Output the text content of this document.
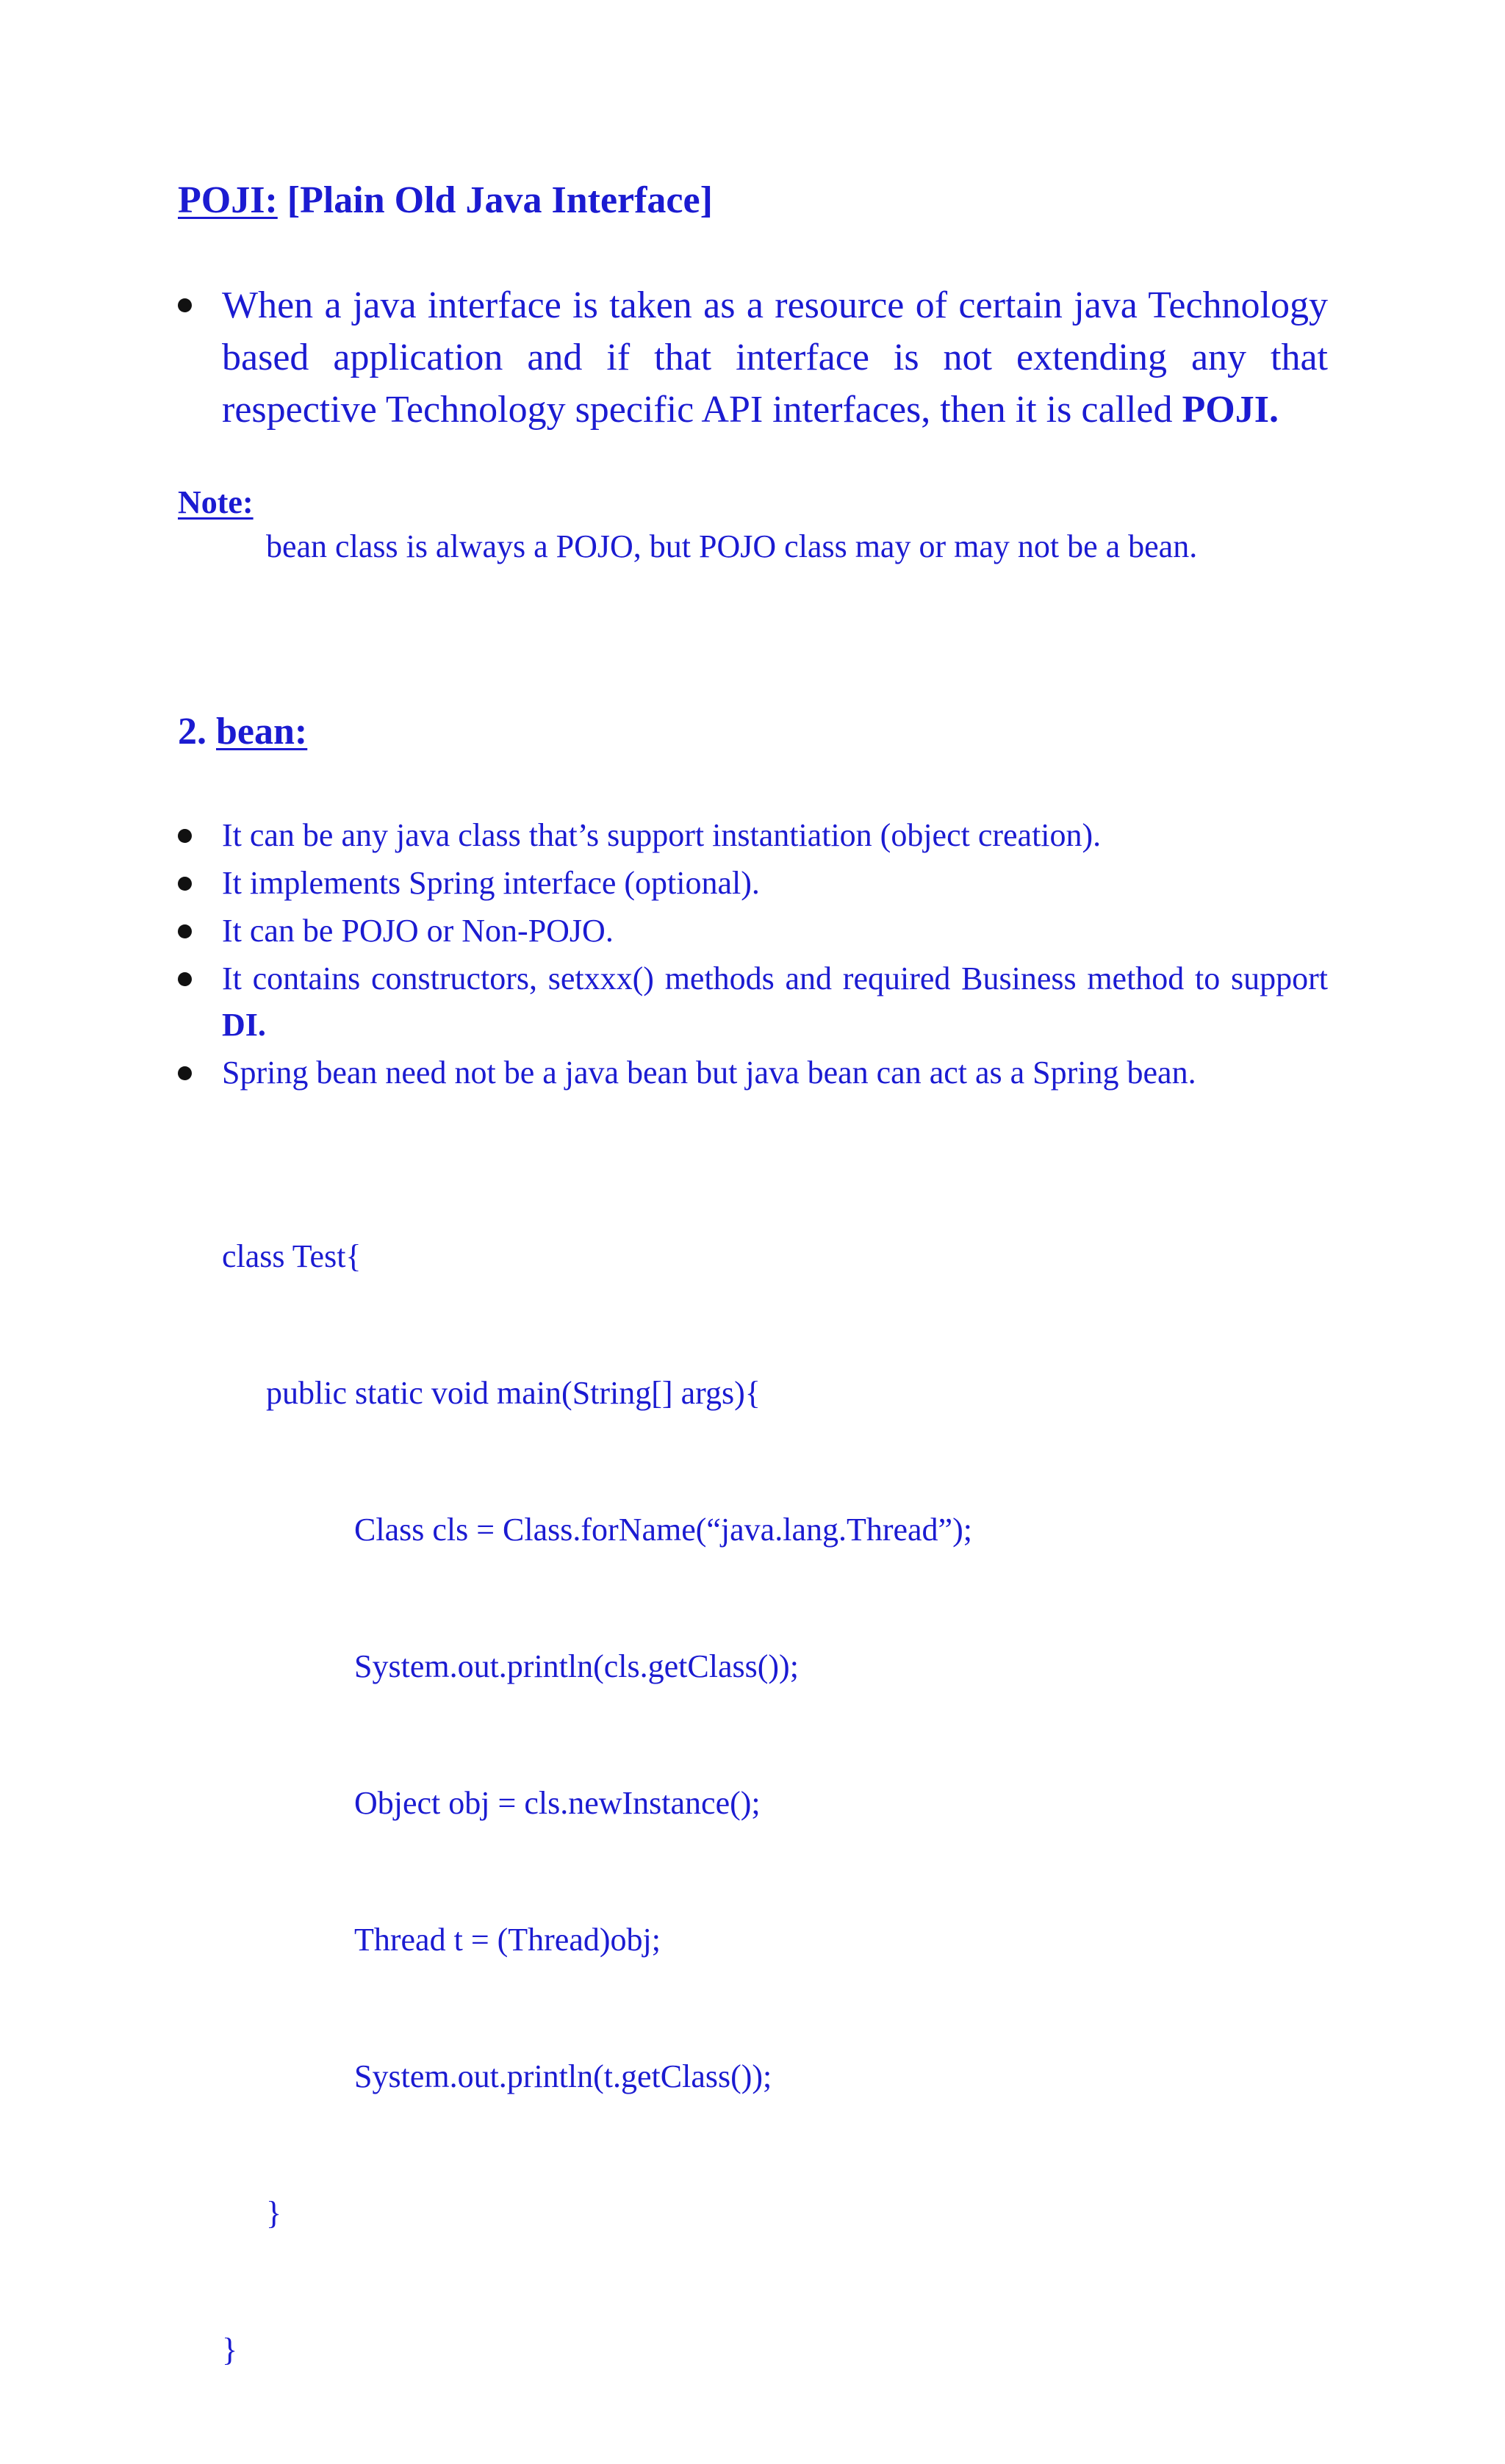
POJI: [Plain Old Java Interface]
When a java interface is taken as a resource of certain java Technology based application and if that interface is not extending any that respective Technology specific API interfaces, then it is called POJI.
Note:
bean class is always a POJO, but POJO class may or may not be a bean.
2. bean:
It can be any java class that’s support instantiation (object creation).
It implements Spring interface (optional).
It can be POJO or Non-POJO.
It contains constructors, setxxx() methods and required Business method to support DI.
Spring bean need not be a java bean but java bean can act as a Spring bean.

class Test{

public static void main(String[] args){

Class cls = Class.forName(“java.lang.Thread”);

System.out.println(cls.getClass());

Object obj = cls.newInstance();

Thread t = (Thread)obj;

System.out.println(t.getClass());

}

}
